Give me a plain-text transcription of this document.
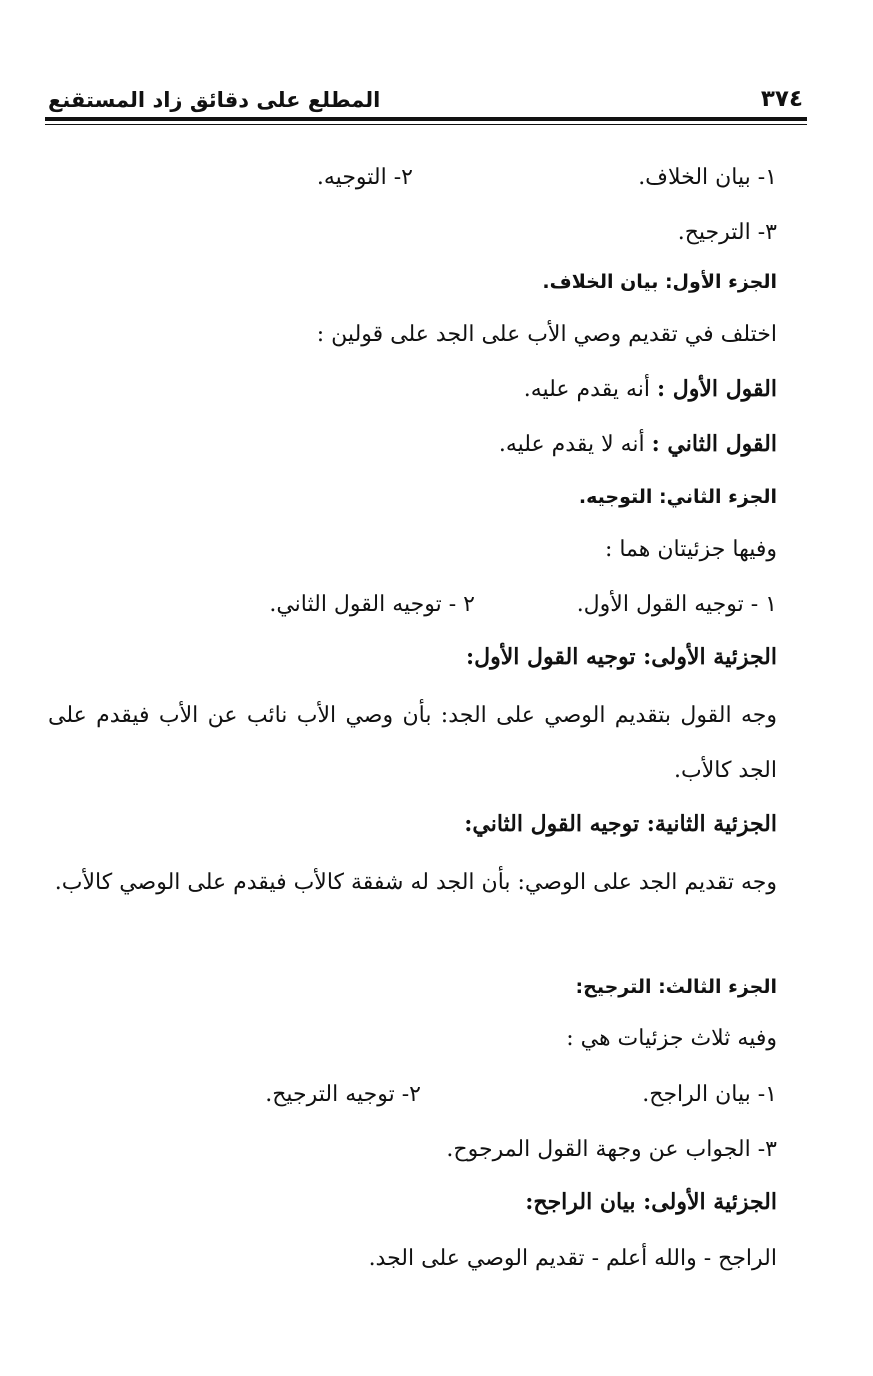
٣٧٤
المطلع على دقائق زاد المستقنع
١- بيان الخلاف.
٢- التوجيه.
٣- الترجيح.
الجزء الأول: بيان الخلاف.
اختلف في تقديم وصي الأب على الجد على قولين :
القول الأول : أنه يقدم عليه.
القول الثاني : أنه لا يقدم عليه.
الجزء الثاني: التوجيه.
وفيها جزئيتان هما :
١ - توجيه القول الأول.
٢ - توجيه القول الثاني.
الجزئية الأولى: توجيه القول الأول:
وجه القول بتقديم الوصي على الجد: بأن وصي الأب نائب عن الأب فيقدم على الجد كالأب.
الجزئية الثانية: توجيه القول الثاني:
وجه تقديم الجد على الوصي: بأن الجد له شفقة كالأب فيقدم على الوصي كالأب.
الجزء الثالث: الترجيح:
وفيه ثلاث جزئيات هي :
١- بيان الراجح.
٢- توجيه الترجيح.
٣- الجواب عن وجهة القول المرجوح.
الجزئية الأولى: بيان الراجح:
الراجح - والله أعلم - تقديم الوصي على الجد.
